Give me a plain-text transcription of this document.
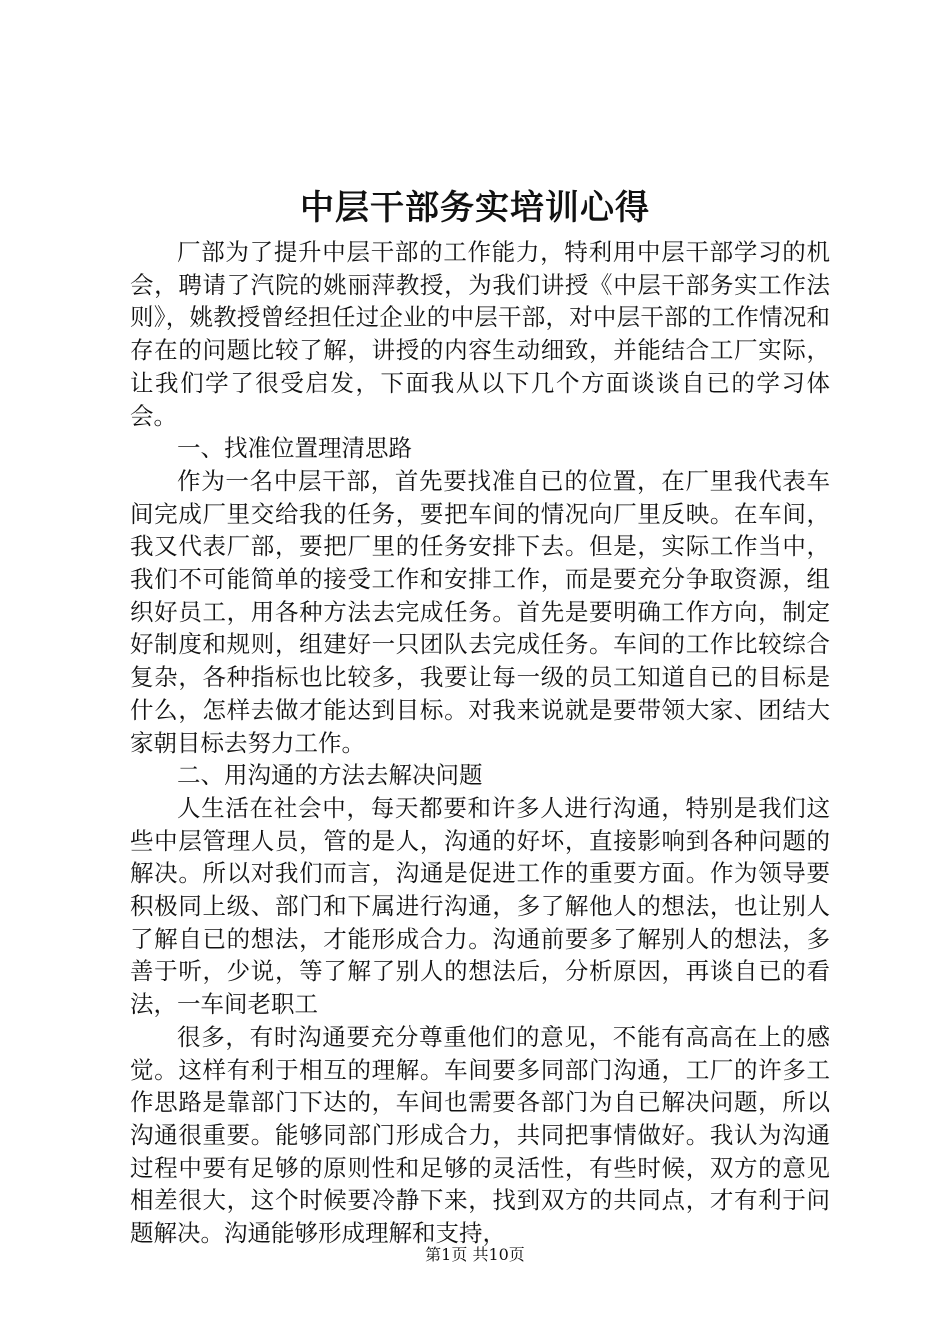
中层干部务实培训心得

厂部为了提升中层干部的工作能力，特利用中层干部学习的机会，聘请了汽院的姚丽萍教授，为我们讲授《中层干部务实工作法则》，姚教授曾经担任过企业的中层干部，对中层干部的工作情况和存在的问题比较了解，讲授的内容生动细致，并能结合工厂实际，让我们学了很受启发，下面我从以下几个方面谈谈自已的学习体会。

一、找准位置理清思路

作为一名中层干部，首先要找准自已的位置，在厂里我代表车间完成厂里交给我的任务，要把车间的情况向厂里反映。在车间，我又代表厂部，要把厂里的任务安排下去。但是，实际工作当中，我们不可能简单的接受工作和安排工作，而是要充分争取资源，组织好员工，用各种方法去完成任务。首先是要明确工作方向，制定好制度和规则，组建好一只团队去完成任务。车间的工作比较综合复杂，各种指标也比较多，我要让每一级的员工知道自已的目标是什么，怎样去做才能达到目标。对我来说就是要带领大家、团结大家朝目标去努力工作。

二、用沟通的方法去解决问题

人生活在社会中，每天都要和许多人进行沟通，特别是我们这些中层管理人员，管的是人，沟通的好坏，直接影响到各种问题的解决。所以对我们而言，沟通是促进工作的重要方面。作为领导要积极同上级、部门和下属进行沟通，多了解他人的想法，也让别人了解自已的想法，才能形成合力。沟通前要多了解别人的想法，多善于听，少说，等了解了别人的想法后，分析原因，再谈自已的看法，一车间老职工

很多，有时沟通要充分尊重他们的意见，不能有高高在上的感觉。这样有利于相互的理解。车间要多同部门沟通，工厂的许多工作思路是靠部门下达的，车间也需要各部门为自已解决问题，所以沟通很重要。能够同部门形成合力，共同把事情做好。我认为沟通过程中要有足够的原则性和足够的灵活性，有些时候，双方的意见相差很大，这个时候要冷静下来，找到双方的共同点，才有利于问题解决。沟通能够形成理解和支持，

第1页 共10页
